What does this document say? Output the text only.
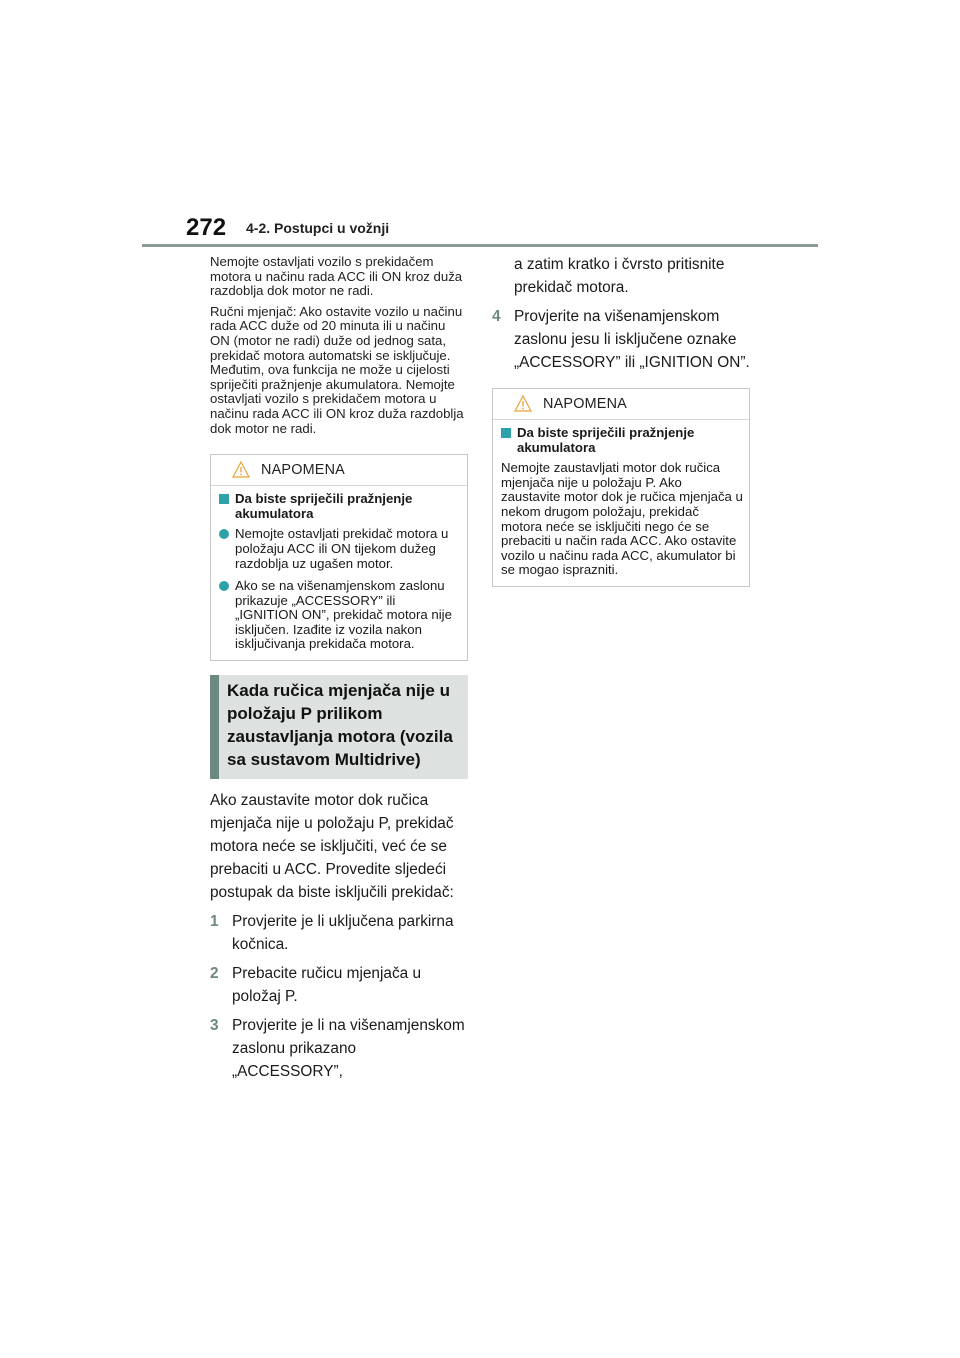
272 4-2. Postupci u vožnji

Nemojte ostavljati vozilo s prekidačem motora u načinu rada ACC ili ON kroz duža razdoblja dok motor ne radi.

Ručni mjenjač: Ako ostavite vozilo u načinu rada ACC duže od 20 minuta ili u načinu ON (motor ne radi) duže od jednog sata, prekidač motora automatski se isključuje. Međutim, ova funkcija ne može u cijelosti spriječiti pražnjenje akumulatora. Nemojte ostavljati vozilo s prekidačem motora u načinu rada ACC ili ON kroz duža razdoblja dok motor ne radi.

NAPOMENA
Da biste spriječili pražnjenje akumulatora
Nemojte ostavljati prekidač motora u položaju ACC ili ON tijekom dužeg razdoblja uz ugašen motor.
Ako se na višenamjenskom zaslonu prikazuje „ACCESSORY” ili „IGNITION ON”, prekidač motora nije isključen. Izađite iz vozila nakon isključivanja prekidača motora.
Kada ručica mjenjača nije u položaju P prilikom zaustavljanja motora (vozila sa sustavom Multidrive)

Ako zaustavite motor dok ručica mjenjača nije u položaju P, prekidač motora neće se isključiti, već će se prebaciti u ACC. Provedite sljedeći postupak da biste isključili prekidač:

1 Provjerite je li uključena parkirna kočnica.
2 Prebacite ručicu mjenjača u položaj P.
3 Provjerite je li na višenamjenskom zaslonu prikazano „ACCESSORY”,

a zatim kratko i čvrsto pritisnite prekidač motora.

4 Provjerite na višenamjenskom zaslonu jesu li isključene oznake „ACCESSORY” ili „IGNITION ON”.
NAPOMENA
Da biste spriječili pražnjenje akumulatora

Nemojte zaustavljati motor dok ručica mjenjača nije u položaju P. Ako zaustavite motor dok je ručica mjenjača u nekom drugom položaju, prekidač motora neće se isključiti nego će se prebaciti u način rada ACC. Ako ostavite vozilo u načinu rada ACC, akumulator bi se mogao isprazniti.
